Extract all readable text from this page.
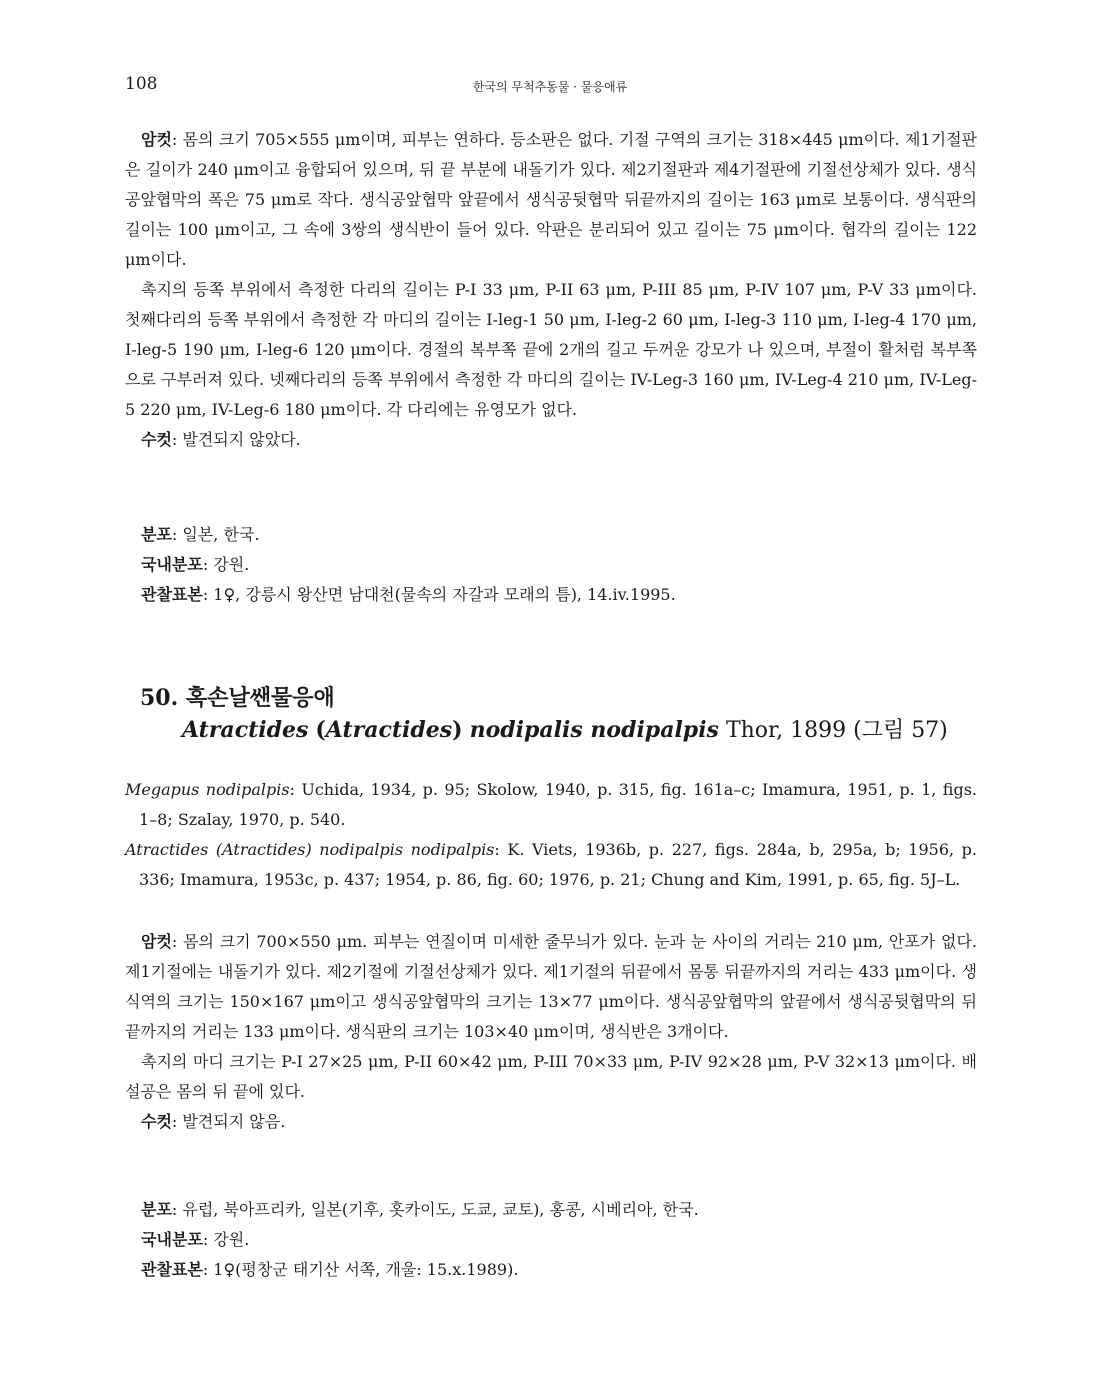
108	한국의 무척추동물 · 물응애류

암컷: 몸의 크기 705×555 μm이며, 피부는 연하다. 등소판은 없다. 기절 구역의 크기는 318×445 μm이다. 제1기절판은 길이가 240 μm이고 융합되어 있으며, 뒤 끝 부분에 내돌기가 있다. 제2기절판과 제4기절판에 기절선상체가 있다. 생식공앞협막의 폭은 75 μm로 작다. 생식공앞협막 앞끝에서 생식공뒷협막 뒤끝까지의 길이는 163 μm로 보통이다. 생식판의 길이는 100 μm이고, 그 속에 3쌍의 생식반이 들어 있다. 악판은 분리되어 있고 길이는 75 μm이다. 협각의 길이는 122 μm이다.

촉지의 등쪽 부위에서 측정한 다리의 길이는 P-I 33 μm, P-II 63 μm, P-III 85 μm, P-IV 107 μm, P-V 33 μm이다. 첫째다리의 등쪽 부위에서 측정한 각 마디의 길이는 I-leg-1 50 μm, I-leg-2 60 μm, I-leg-3 110 μm, I-leg-4 170 μm, I-leg-5 190 μm, I-leg-6 120 μm이다. 경절의 복부쪽 끝에 2개의 길고 두꺼운 강모가 나 있으며, 부절이 활처럼 복부쪽으로 구부러져 있다. 넷째다리의 등쪽 부위에서 측정한 각 마디의 길이는 IV-Leg-3 160 μm, IV-Leg-4 210 μm, IV-Leg-5 220 μm, IV-Leg-6 180 μm이다. 각 다리에는 유영모가 없다.

수컷: 발견되지 않았다.

분포: 일본, 한국.

국내분포: 강원.

관찰표본: 1♀, 강릉시 왕산면 남대천(물속의 자갈과 모래의 틈), 14.iv.1995.

50. 혹손날쌘물응애
Atractides (Atractides) nodipalis nodipalpis Thor, 1899 (그림 57)

Megapus nodipalpis: Uchida, 1934, p. 95; Skolow, 1940, p. 315, fig. 161a–c; Imamura, 1951, p. 1, figs. 1–8; Szalay, 1970, p. 540.

Atractides (Atractides) nodipalpis nodipalpis: K. Viets, 1936b, p. 227, figs. 284a, b, 295a, b; 1956, p. 336; Imamura, 1953c, p. 437; 1954, p. 86, fig. 60; 1976, p. 21; Chung and Kim, 1991, p. 65, fig. 5J–L.

암컷: 몸의 크기 700×550 μm. 피부는 연질이며 미세한 줄무늬가 있다. 눈과 눈 사이의 거리는 210 μm, 안포가 없다. 제1기절에는 내돌기가 있다. 제2기절에 기절선상체가 있다. 제1기절의 뒤끝에서 몸통 뒤끝까지의 거리는 433 μm이다. 생식역의 크기는 150×167 μm이고 생식공앞협막의 크기는 13×77 μm이다. 생식공앞협막의 앞끝에서 생식공뒷협막의 뒤끝까지의 거리는 133 μm이다. 생식판의 크기는 103×40 μm이며, 생식반은 3개이다.

촉지의 마디 크기는 P-I 27×25 μm, P-II 60×42 μm, P-III 70×33 μm, P-IV 92×28 μm, P-V 32×13 μm이다. 배설공은 몸의 뒤 끝에 있다.

수컷: 발견되지 않음.

분포: 유럽, 북아프리카, 일본(기후, 홋카이도, 도쿄, 쿄토), 홍콩, 시베리아, 한국.

국내분포: 강원.

관찰표본: 1♀(평창군 태기산 서쪽, 개울: 15.x.1989).
